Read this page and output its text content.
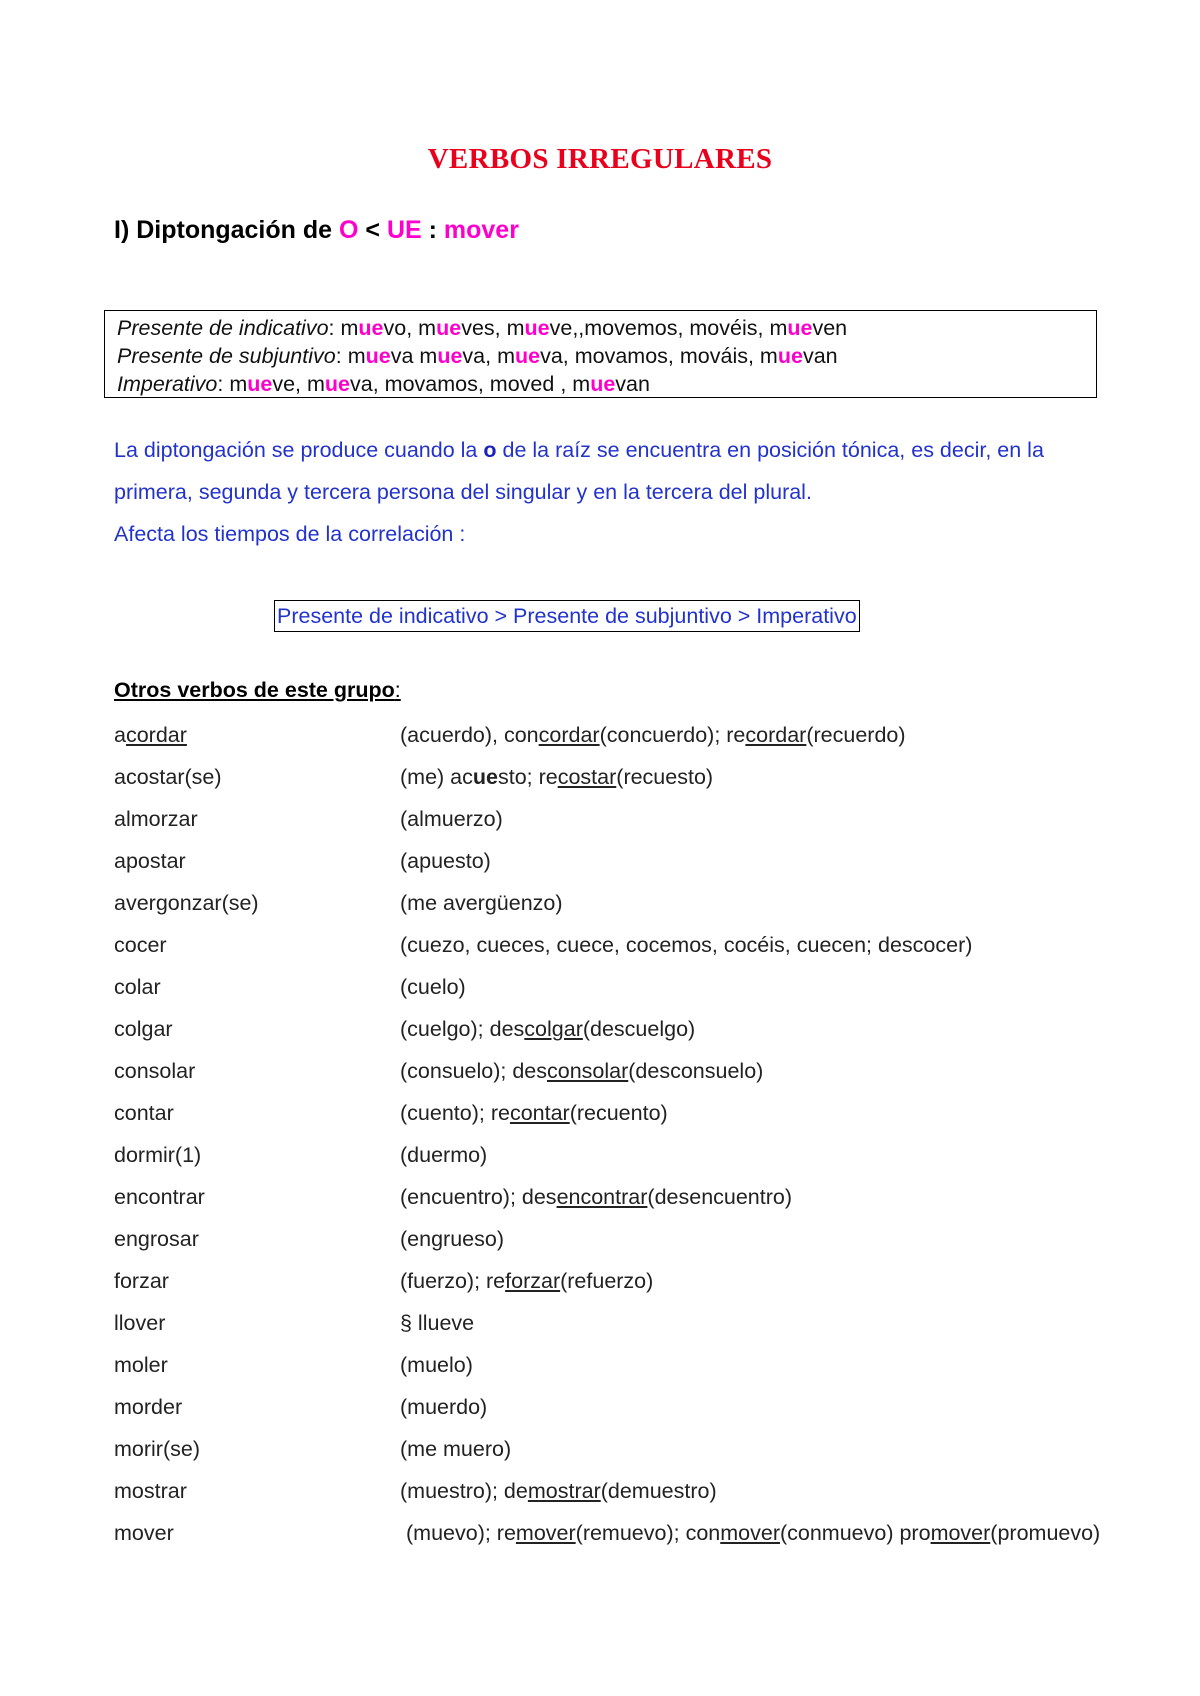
VERBOS IRREGULARES
I) Diptongación de O < UE : mover
Presente de indicativo: muevo, mueves, mueve,,movemos, movéis, mueven
Presente de subjuntivo: mueva mueva, mueva, movamos, mováis, muevan
Imperativo: mueve, mueva, movamos, moved , muevan
La diptongación se produce cuando la o de la raíz se encuentra en posición tónica, es decir, en la primera, segunda y tercera persona del singular y en la tercera del plural.
Afecta los tiempos de la correlación :
Presente de indicativo > Presente de subjuntivo > Imperativo
Otros verbos de este grupo:
acordar	(acuerdo), concordar(concuerdo); recordar(recuerdo)
acostar(se)	(me) acuesto; recostar(recuesto)
almorzar	(almuerzo)
apostar	(apuesto)
avergonzar(se)	(me avergüenzo)
cocer	(cuezo, cueces, cuece, cocemos, cocéis, cuecen; descocer)
colar	(cuelo)
colgar	(cuelgo); descolgar(descuelgo)
consolar	(consuelo); desconsolar(desconsuelo)
contar	(cuento); recontar(recuento)
dormir(1)	(duermo)
encontrar	(encuentro); desencontrar(desencuentro)
engrosar	(engrueso)
forzar	(fuerzo); reforzar(refuerzo)
llover	§ llueve
moler	(muelo)
morder	(muerdo)
morir(se)	(me muero)
mostrar	(muestro); demostrar(demuestro)
mover	(muevo); remover(remuevo); conmover(conmuevo) promover(promuevo)
